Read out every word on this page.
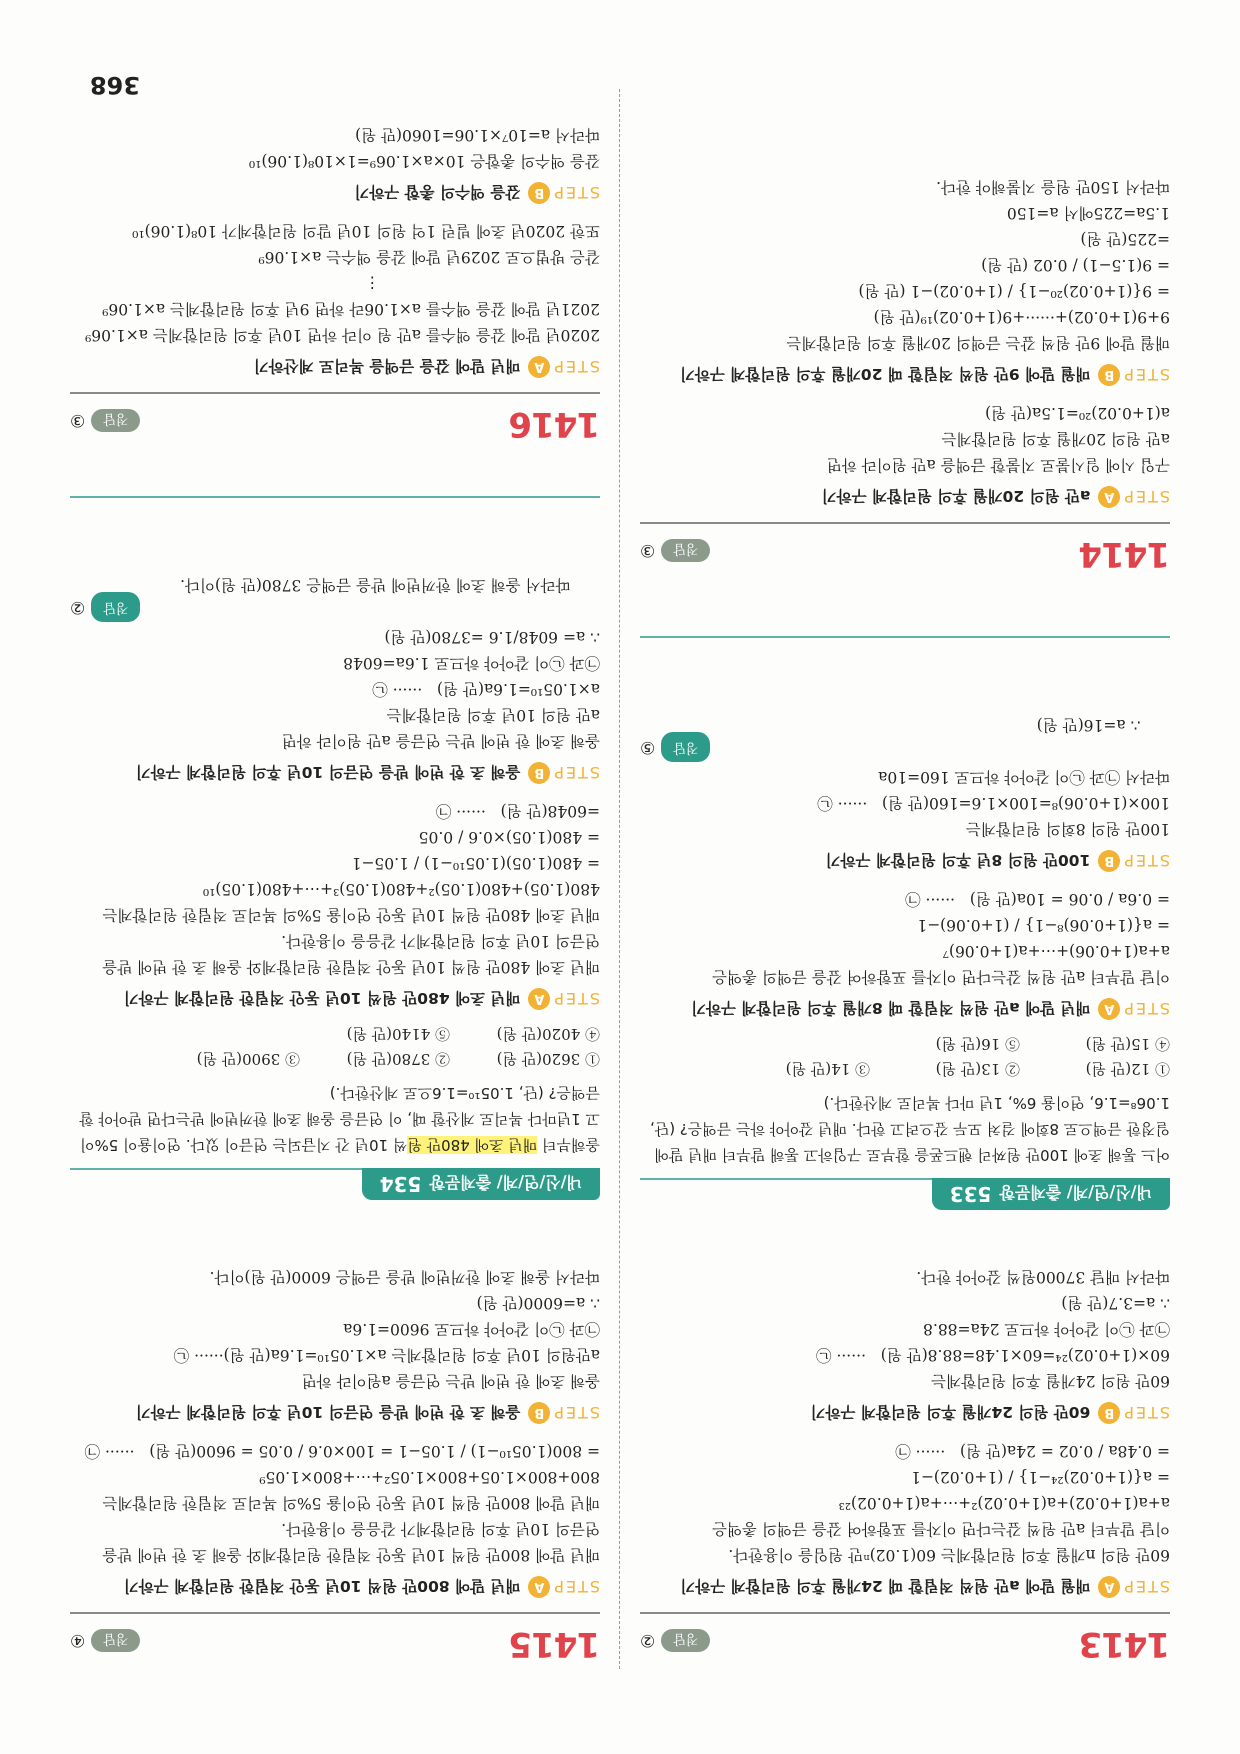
1413
정답
②
STEP
A
매월 말에 a만 원씩 적립할 때 24개월 후의 원리합계 구하기
60만 원의 n개월 후의 원리합계는 60(1.02)ⁿ만 원임을 이용한다.
이달 말부터 a만 원씩 갚는다면 이자를 포함하여 갚을 금액의 총액은
a+a(1+0.02)+a(1+0.02)²+⋯+a(1+0.02)²³
= a{(1+0.02)²⁴−1} / (1+0.02)−1
= 0.48a / 0.02 = 24a(만 원)   ······ ㉠
STEP
B
60만 원의 24개월 후의 원리합계 구하기
60만 원의 24개월 후의 원리합계는
60×(1+0.02)²⁴=60×1.48=88.8(만 원)   ······ ㉡
㉠과 ㉡이 같아야 하므로 24a=88.8
∴ a=3.7(만 원)
따라서 매달 37000원씩 갚아야 한다.
내/신/연/계/ 출제문항533
어느 통해 초에 100만 원짜리 핸드폰을 할부로 구입하고 통해 말부터 매년 말에 일정한 금액으로 8회에 걸쳐 모두 갚으려고 한다. 매년 갚아야 하는 금액은? (단, 1.06⁸=1.6, 연이율 6%, 1년 마다 복리로 계산한다.)
① 12(만 원)
② 13(만 원)
③ 14(만 원)
④ 15(만 원)
⑤ 16(만 원)
STEP
A
매년 말에 a만 원씩 적립할 때 8개월 후의 원리합계 구하기
이달 말부터 a만 원씩 갚는다면 이자를 포함하여 갚을 금액의 총액은
a+a(1+0.06)+⋯+a(1+0.06)⁷
= a{(1+0.06)⁸−1} / (1+0.06)−1
= 0.6a / 0.06 = 10a(만 원)   ······ ㉠
STEP
B
100만 원의 8년 후의 원리합계 구하기
100만 원의 8회의 원리합계는
100×(1+0.06)⁸=100×1.6=160(만 원)   ······ ㉡
따라서 ㉠과 ㉡이 같아야 하므로 160=10a

∴ a=16(만 원)

정답
⑤

1414
정답
③
STEP
A
a만 원의 20개월 후의 원리합계 구하기
구입 시에 일시불로 지불할 금액을 a만 원이라 하면
a만 원의 20개월 후의 원리합계는
a(1+0.02)²⁰=1.5a(만 원)
STEP
B
매월 말에 9만 원씩 적립할 때 20개월 후의 원리합계 구하기
매월 말에 9만 원씩 갚는 금액의 20개월 후의 원리합계는
9+9(1+0.02)+······+9(1+0.02)¹⁹(만 원)
= 9{(1+0.02)²⁰−1} / (1+0.02)−1 (만 원)
= 9(1.5−1) / 0.02 (만 원)
=225(만 원)
1.5a=225에서 a=150
따라서 150만 원을 지불해야 한다.
1415
정답
④
STEP
A
매년 말에 800만 원씩 10년 동안 적립한 원리합계 구하기
매년 말에 800만 원씩 10년 동안 적립한 원리합계와 올해 초 한 번에 받을
연금의 10년 후의 원리합계가 같음을 이용한다.
매년 말에 800만 원씩 10년 동안 연이율 5%의 복리로 적립한 원리합계는
800+800×1.05+800×1.05²+⋯+800×1.05⁹
= 800(1.05¹⁰−1) / 1.05−1 = 100×0.6 / 0.05 = 9600(만 원)   ······ ㉠
STEP
B
올해 초 한 번에 받을 연금의 10년 후의 원리합계 구하기
올해 초에 한 번에 받는 연금을 a원이라 하면
a만원의 10년 후의 원리합계는 a×1.05¹⁰=1.6a(만 원)······ ㉡
㉠과 ㉡이 같아야 하므로 9600=1.6a
∴ a=6000(만 원)
따라서 올해 초에 한꺼번에 받을 금액은 6000(만 원)이다.
내/신/연/계/ 출제문항534
올해부터 매년 초에 480만 원씩 10년 간 지급되는 연금이 있다. 연이율이 5%이고 1년마다 복리로 계산할 때, 이 연금을 올해 초에 한꺼번에 받는다면 받아야 할 금액은? (단, 1.05¹⁰=1.6으로 계산한다.)
① 3620(만 원)
② 3780(만 원)
③ 3900(만 원)
④ 4020(만 원)
⑤ 4140(만 원)
STEP
A
매년 초에 480만 원씩 10년 동안 적립한 원리합계 구하기
매년 초에 480만 원씩 10년 동안 적립한 원리합계와 올해 초 한 번에 받을
연금의 10년 후의 원리합계가 같음을 이용한다.
매년 초에 480만 원씩 10년 동안 연이율 5%의 복리로 적립한 원리합계는
480(1.05)+480(1.05)²+480(1.05)³+⋯+480(1.05)¹⁰
= 480(1.05)(1.05¹⁰−1) / 1.05−1
= 480(1.05)×0.6 / 0.05
=6048(만 원)   ······ ㉠
STEP
B
올해 초 한 번에 받을 연금의 10년 후의 원리합계 구하기
올해 초에 한 번에 받는 연금을 a만 원이라 하면
a만 원의 10년 후의 원리합계는
a×1.05¹⁰=1.6a(만 원)   ······ ㉡
㉠과 ㉡이 같아야 하므로 1.6a=6048
∴ a= 6048/1.6 =3780(만 원)

따라서 올해 초에 한꺼번에 받을 금액은 3780(만 원)이다.

정답
②

1416
정답
③
STEP
A
매년 말에 갚을 금액을 복리로 계산하기
2020년 말에 갚을 액수를 a만 원 이라 하면 10년 후의 원리합계는 a×1.06⁹
2021년 말에 갚을 액수를 a×1.06라 하면 9년 후의 원리합계는 a×1.06⁹
⋮
같은 방법으로 2029년 말에 갚을 액수는 a×1.06⁹
또한 2020년 초에 빌린 1억 원의 10년 말의 원리합계가 10⁸(1.06)¹⁰
STEP
B
갚을 액수의 총합 구하기
갚을 액수의 총합은 10×a×1.06⁹=1×10⁸(1.06)¹⁰
따라서 a=10⁷×1.06=1060(만 원)
368
